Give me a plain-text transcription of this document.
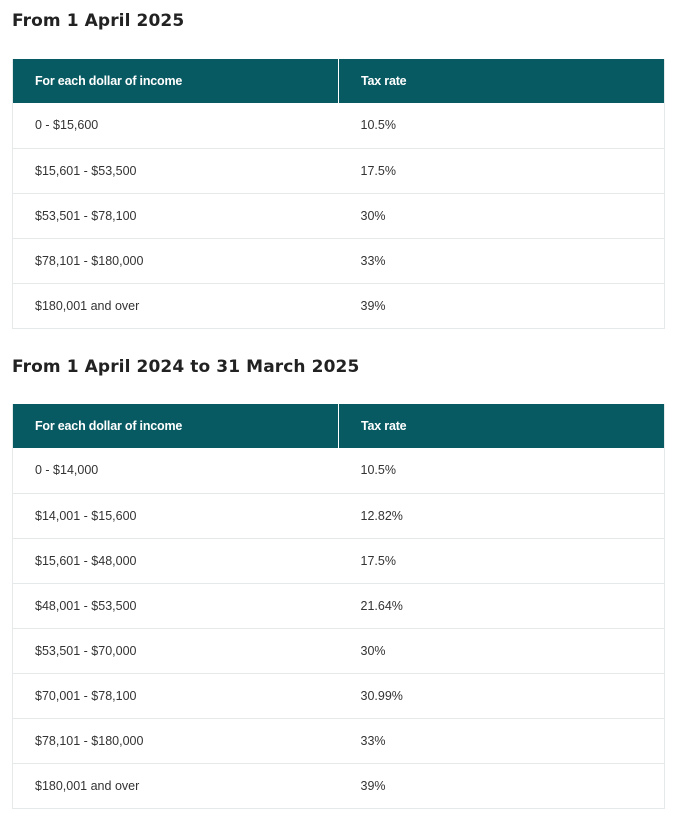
From 1 April 2025
For each dollar of income	Tax rate
0 - $15,600	10.5%
$15,601 - $53,500	17.5%
$53,501 - $78,100	30%
$78,101 - $180,000	33%
$180,001 and over	39%
From 1 April 2024 to 31 March 2025
For each dollar of income	Tax rate
0 - $14,000	10.5%
$14,001 - $15,600	12.82%
$15,601 - $48,000	17.5%
$48,001 - $53,500	21.64%
$53,501 - $70,000	30%
$70,001 - $78,100	30.99%
$78,101 - $180,000	33%
$180,001 and over	39%
